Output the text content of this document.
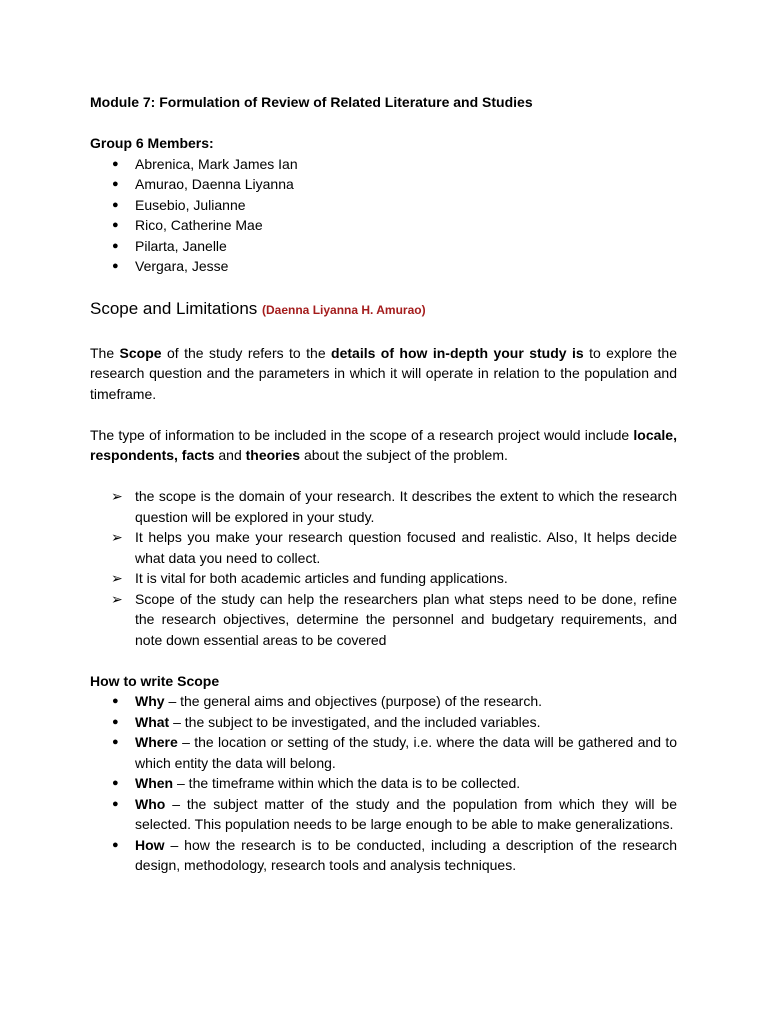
Module 7: Formulation of Review of Related Literature and Studies

Group 6 Members:

● Abrenica, Mark James Ian
● Amurao, Daenna Liyanna
● Eusebio, Julianne
● Rico, Catherine Mae
● Pilarta, Janelle
● Vergara, Jesse
Scope and Limitations (Daenna Liyanna H. Amurao)

The Scope of the study refers to the details of how in-depth your study is to explore the research question and the parameters in which it will operate in relation to the population and timeframe.

The type of information to be included in the scope of a research project would include locale, respondents, facts and theories about the subject of the problem.

➢ the scope is the domain of your research. It describes the extent to which the research question will be explored in your study.
➢ It helps you make your research question focused and realistic. Also, It helps decide what data you need to collect.
➢ It is vital for both academic articles and funding applications.
➢ Scope of the study can help the researchers plan what steps need to be done, refine the research objectives, determine the personnel and budgetary requirements, and note down essential areas to be covered

How to write Scope

● Why – the general aims and objectives (purpose) of the research.
● What – the subject to be investigated, and the included variables.
● Where – the location or setting of the study, i.e. where the data will be gathered and to which entity the data will belong.
● When – the timeframe within which the data is to be collected.
● Who – the subject matter of the study and the population from which they will be selected. This population needs to be large enough to be able to make generalizations.
● How – how the research is to be conducted, including a description of the research design, methodology, research tools and analysis techniques.
